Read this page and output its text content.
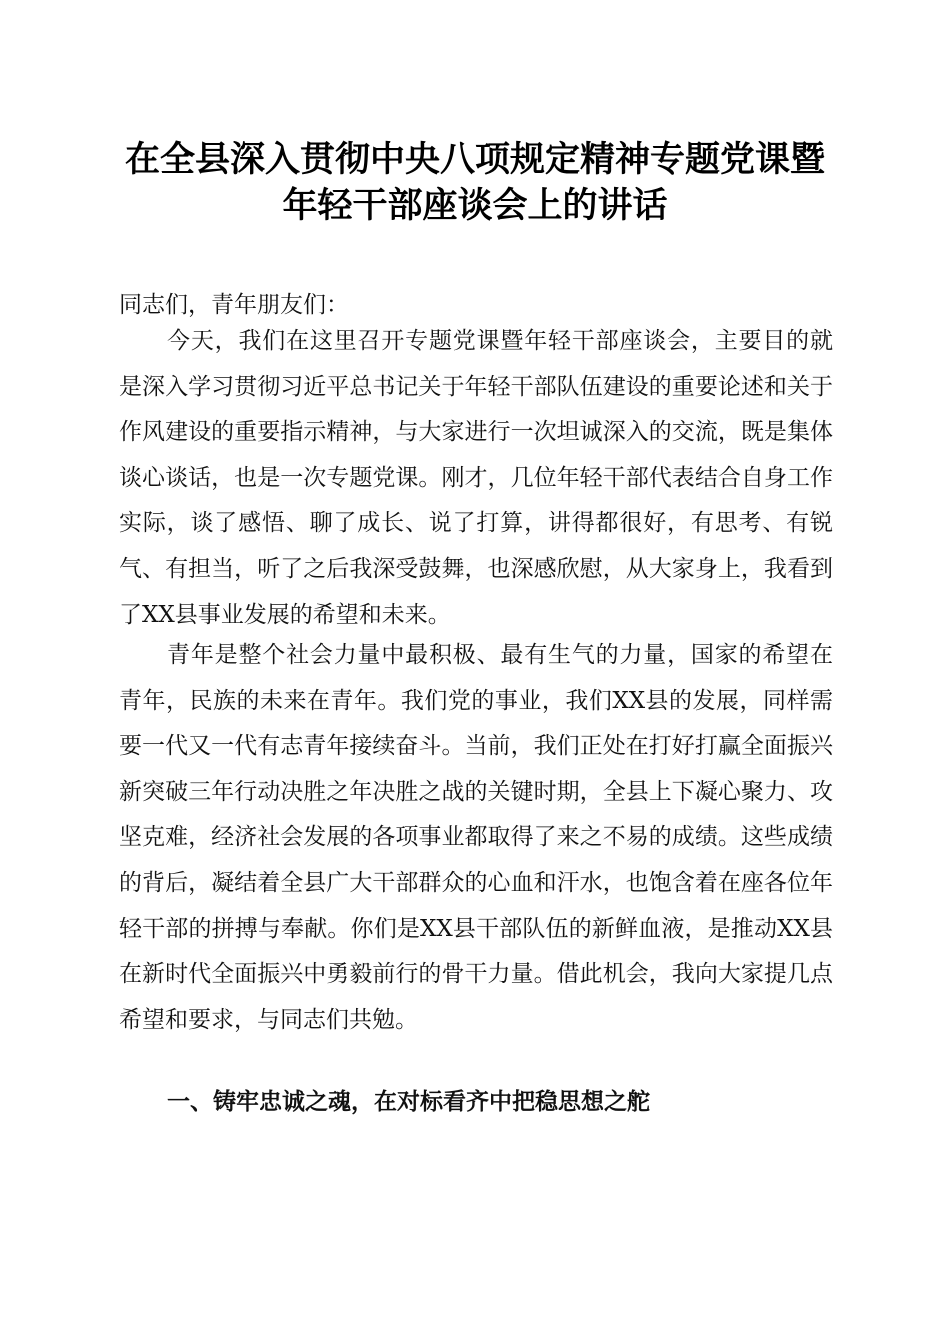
在全县深入贯彻中央八项规定精神专题党课暨
年轻干部座谈会上的讲话

同志们，青年朋友们：

今天，我们在这里召开专题党课暨年轻干部座谈会，主要目的就是深入学习贯彻习近平总书记关于年轻干部队伍建设的重要论述和关于作风建设的重要指示精神，与大家进行一次坦诚深入的交流，既是集体谈心谈话，也是一次专题党课。刚才，几位年轻干部代表结合自身工作实际，谈了感悟、聊了成长、说了打算，讲得都很好，有思考、有锐气、有担当，听了之后我深受鼓舞，也深感欣慰，从大家身上，我看到了XX县事业发展的希望和未来。

青年是整个社会力量中最积极、最有生气的力量，国家的希望在青年，民族的未来在青年。我们党的事业，我们XX县的发展，同样需要一代又一代有志青年接续奋斗。当前，我们正处在打好打赢全面振兴新突破三年行动决胜之年决胜之战的关键时期，全县上下凝心聚力、攻坚克难，经济社会发展的各项事业都取得了来之不易的成绩。这些成绩的背后，凝结着全县广大干部群众的心血和汗水，也饱含着在座各位年轻干部的拼搏与奉献。你们是XX县干部队伍的新鲜血液，是推动XX县在新时代全面振兴中勇毅前行的骨干力量。借此机会，我向大家提几点希望和要求，与同志们共勉。

一、铸牢忠诚之魂，在对标看齐中把稳思想之舵
